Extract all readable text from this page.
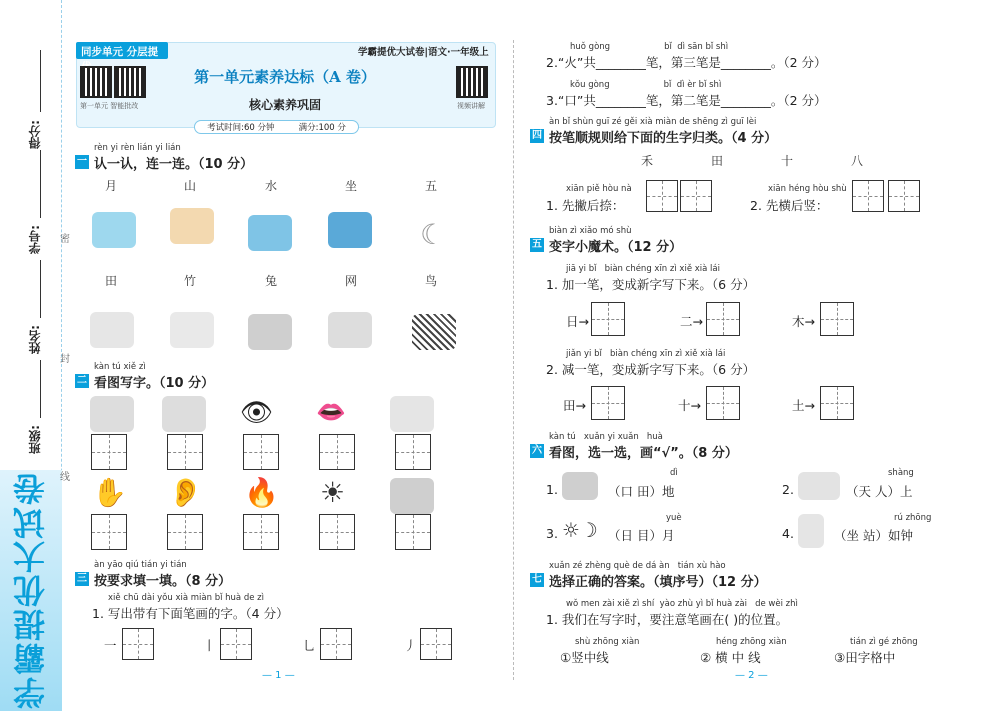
学霸提优大试卷
得分:
学号:
姓名:
班级:
密
封
线
同步单元 分层提	学霸提优大试卷|语文·一年级上
第一单元 智能批改	视频讲解
第一单元素养达标（A 卷）
核心素养巩固
考试时间:60 分钟	满分:100 分
rèn yi rèn lián yi lián
一 认一认，连一连。（10 分）
月	山	水	坐	五
☾
田	竹	兔	网	鸟
kàn tú xiě zì
二 看图写字。（10 分）
👁 👄
✋ 👂 🔥 ☀
àn yāo qiú tián yi tián
三 按要求填一填。（8 分）
xiě chū dài yǒu xià miàn bǐ huà de zì
1. 写出带有下面笔画的字。（4 分）
一	丨	乚	丿
— 1 —
huǒ gòng                    bǐ  dì sān bǐ shì
2.“火”共________笔，第三笔是________。（2 分）
kǒu gòng                    bǐ  dì èr bǐ shì
3.“口”共________笔，第二笔是________。（2 分）
àn bǐ shùn guī zé gěi xià miàn de shēng zì guī lèi
四 按笔顺规则给下面的生字归类。（4 分）
禾	田	十	八
xiān piě hòu nà
1. 先撇后捺：
xiān héng hòu shù
2. 先横后竖：
biàn zì xiǎo mó shù
五 变字小魔术。（12 分）
jiā yi bǐ   biàn chéng xīn zì xiě xià lái
1. 加一笔，变成新字写下来。（6 分）
日→	二→	木→
jiǎn yi bǐ   biàn chéng xīn zì xiě xià lái
2. 减一笔，变成新字写下来。（6 分）
田→	十→	土→
kàn tú   xuǎn yi xuǎn   huà
六 看图，选一选，画“√”。（8 分）
1.	（口 田）地
dì
2.	（天 人）上
shàng
3. ☼☽ （日 目）月
yuè
4.	（坐 站）如钟
rú zhōng
xuǎn zé zhèng què de dá àn   tián xù hào
七 选择正确的答案。（填序号）（12 分）
wǒ men zài xiě zì shí  yào zhù yì bǐ huà zài   de wèi zhì
1. 我们在写字时，要注意笔画在( )的位置。
shù zhōng xiàn
①竖中线
héng zhōng xiàn
② 横 中 线
tián zì gé zhōng
③田字格中
— 2 —
